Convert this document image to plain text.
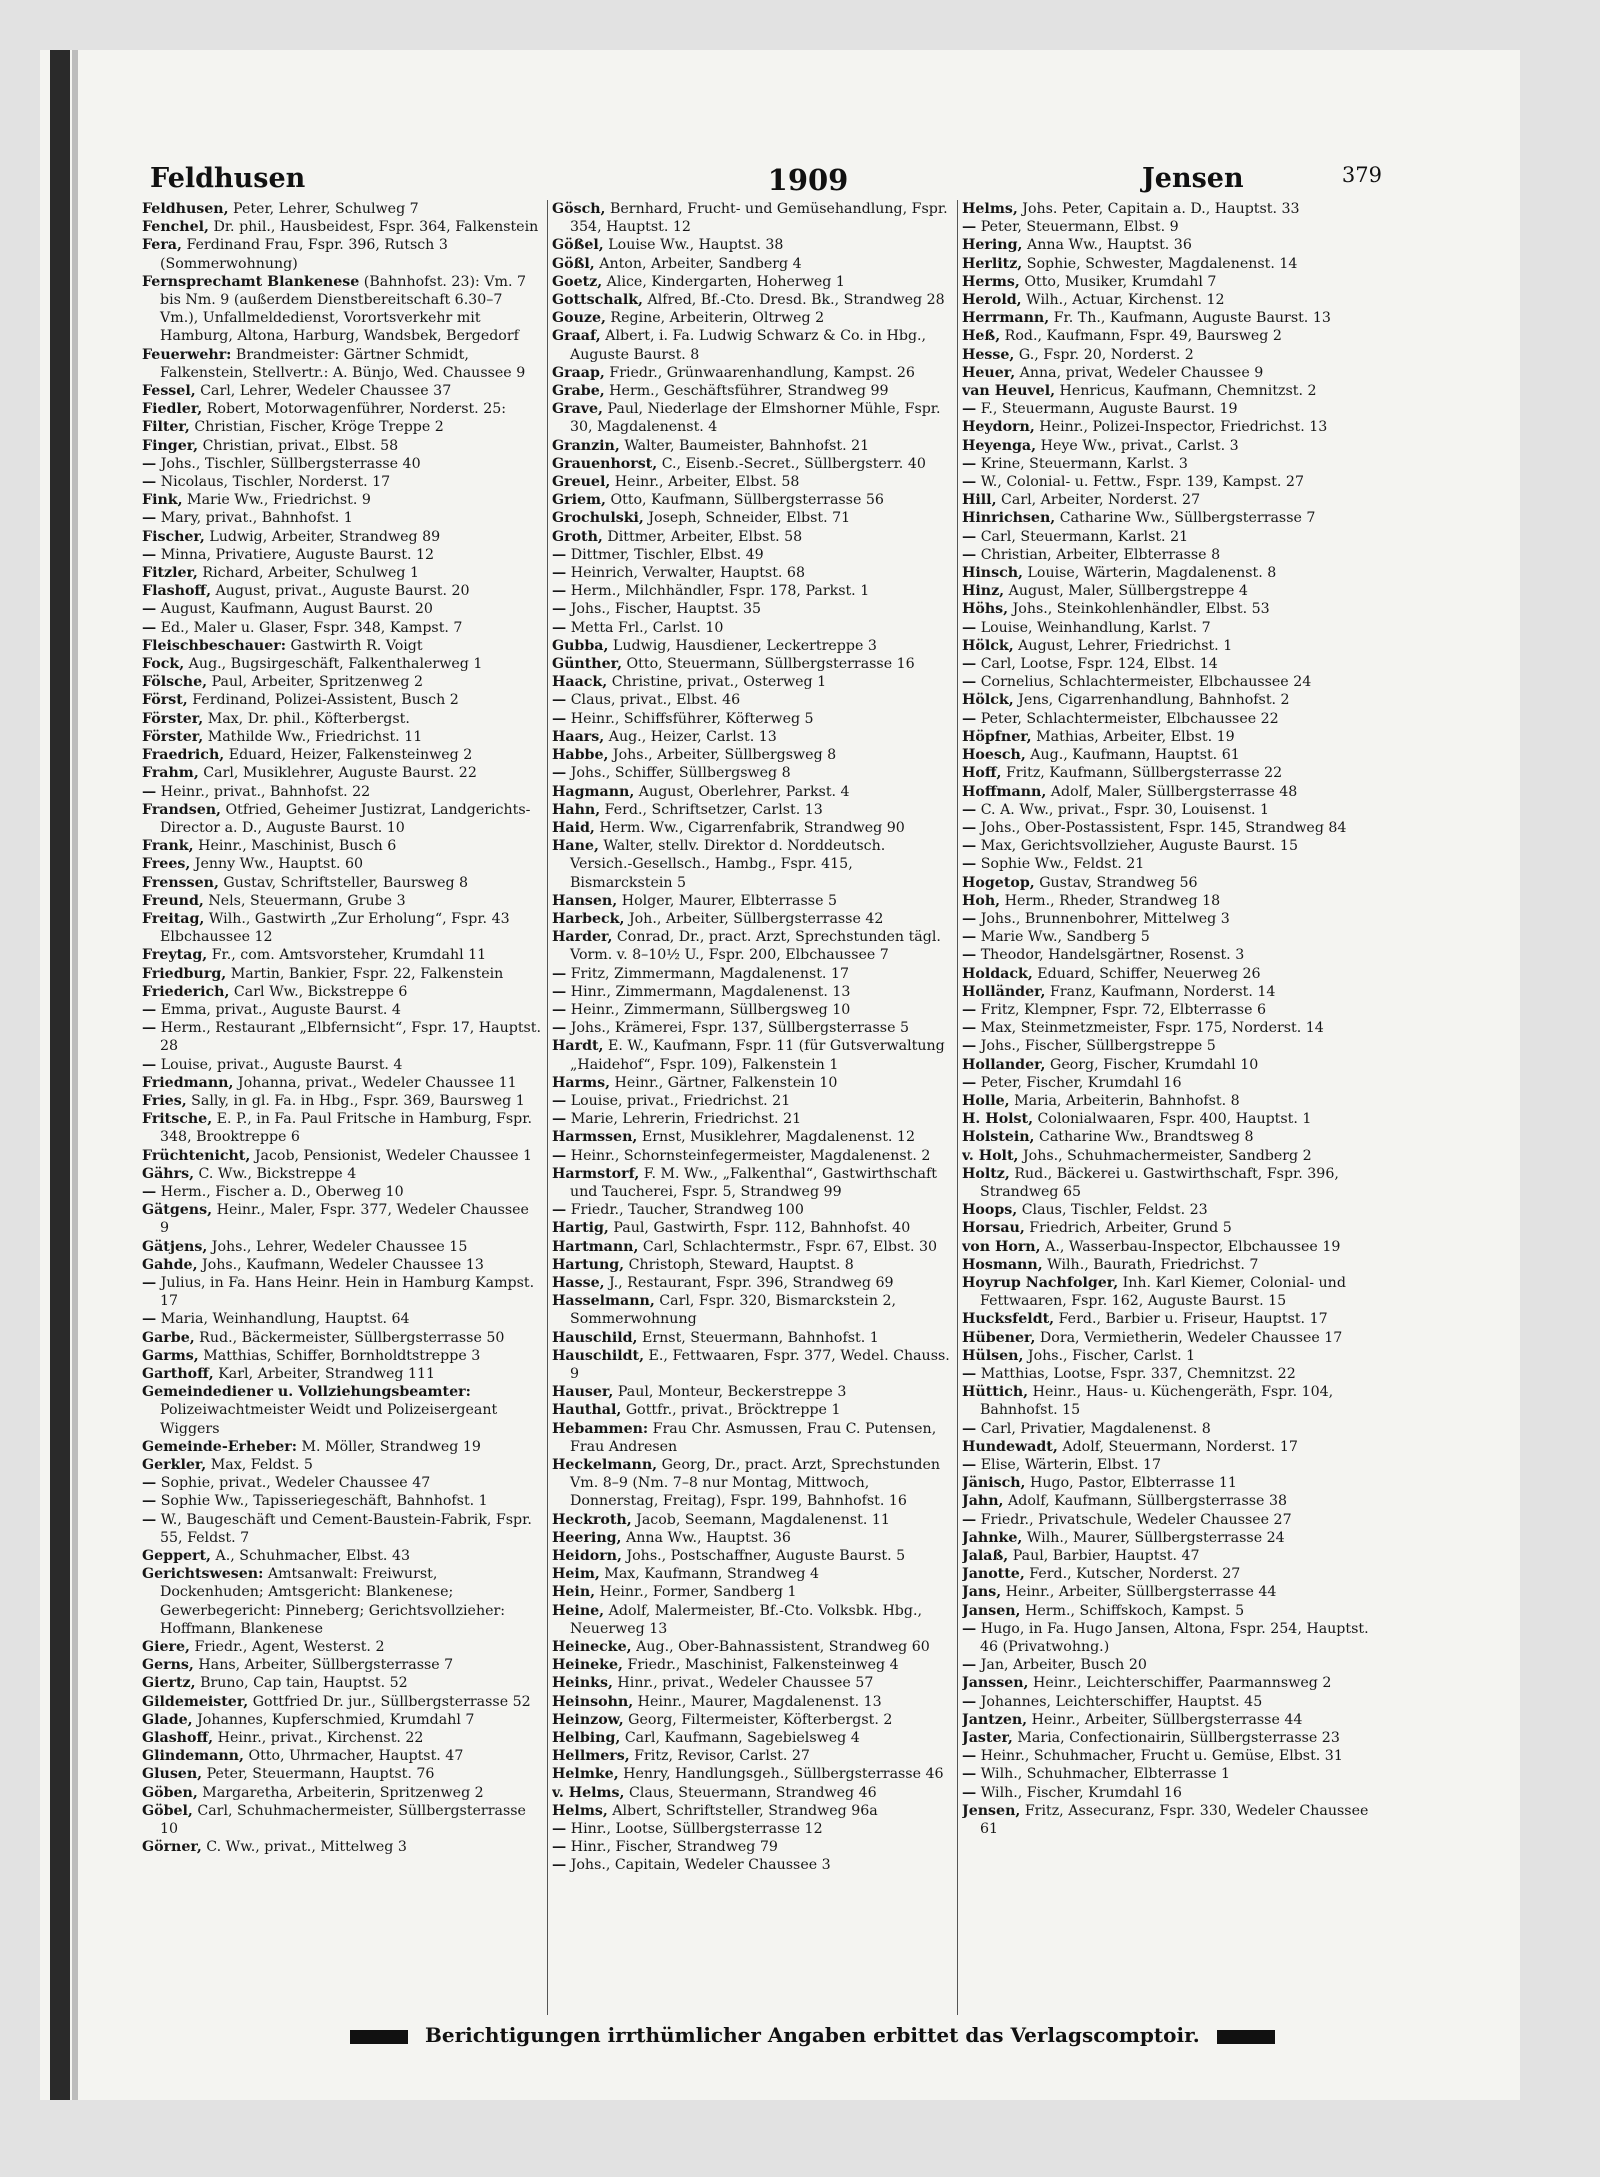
Feldhusen	1909	Jensen	379

Feldhusen, Peter, Lehrer, Schulweg 7

Fenchel, Dr. phil., Hausbeidest, Fspr. 364, Falkenstein

Fera, Ferdinand Frau, Fspr. 396, Rutsch 3 (Sommerwohnung)

Fernsprechamt Blankenese (Bahnhofst. 23): Vm. 7 bis Nm. 9 (außerdem Dienstbereitschaft 6.30–7 Vm.), Unfallmeldedienst, Vorortsverkehr mit Hamburg, Altona, Harburg, Wandsbek, Bergedorf

Feuerwehr: Brandmeister: Gärtner Schmidt, Falkenstein, Stellvertr.: A. Bünjo, Wed. Chaussee 9

Fessel, Carl, Lehrer, Wedeler Chaussee 37

Fiedler, Robert, Motorwagenführer, Norderst. 25:

Filter, Christian, Fischer, Kröge Treppe 2

Finger, Christian, privat., Elbst. 58

— Johs., Tischler, Süllbergsterrasse 40

— Nicolaus, Tischler, Norderst. 17

Fink, Marie Ww., Friedrichst. 9

— Mary, privat., Bahnhofst. 1

Fischer, Ludwig, Arbeiter, Strandweg 89

— Minna, Privatiere, Auguste Baurst. 12

Fitzler, Richard, Arbeiter, Schulweg 1

Flashoff, August, privat., Auguste Baurst. 20

— August, Kaufmann, August Baurst. 20

— Ed., Maler u. Glaser, Fspr. 348, Kampst. 7

Fleischbeschauer: Gastwirth R. Voigt

Fock, Aug., Bugsirgeschäft, Falkenthalerweg 1

Fölsche, Paul, Arbeiter, Spritzenweg 2

Först, Ferdinand, Polizei-Assistent, Busch 2

Förster, Max, Dr. phil., Köfterbergst.

Förster, Mathilde Ww., Friedrichst. 11

Fraedrich, Eduard, Heizer, Falkensteinweg 2

Frahm, Carl, Musiklehrer, Auguste Baurst. 22

— Heinr., privat., Bahnhofst. 22

Frandsen, Otfried, Geheimer Justizrat, Landgerichts-Director a. D., Auguste Baurst. 10

Frank, Heinr., Maschinist, Busch 6

Frees, Jenny Ww., Hauptst. 60

Frenssen, Gustav, Schriftsteller, Baursweg 8

Freund, Nels, Steuermann, Grube 3

Freitag, Wilh., Gastwirth „Zur Erholung“, Fspr. 43 Elbchaussee 12

Freytag, Fr., com. Amtsvorsteher, Krumdahl 11

Friedburg, Martin, Bankier, Fspr. 22, Falkenstein

Friederich, Carl Ww., Bickstreppe 6

— Emma, privat., Auguste Baurst. 4

— Herm., Restaurant „Elbfernsicht“, Fspr. 17, Hauptst. 28

— Louise, privat., Auguste Baurst. 4

Friedmann, Johanna, privat., Wedeler Chaussee 11

Fries, Sally, in gl. Fa. in Hbg., Fspr. 369, Baursweg 1

Fritsche, E. P., in Fa. Paul Fritsche in Hamburg, Fspr. 348, Brooktreppe 6

Früchtenicht, Jacob, Pensionist, Wedeler Chaussee 1

Gährs, C. Ww., Bickstreppe 4

— Herm., Fischer a. D., Oberweg 10

Gätgens, Heinr., Maler, Fspr. 377, Wedeler Chaussee 9

Gätjens, Johs., Lehrer, Wedeler Chaussee 15

Gahde, Johs., Kaufmann, Wedeler Chaussee 13

— Julius, in Fa. Hans Heinr. Hein in Hamburg Kampst. 17

— Maria, Weinhandlung, Hauptst. 64

Garbe, Rud., Bäckermeister, Süllbergsterrasse 50

Garms, Matthias, Schiffer, Bornholdtstreppe 3

Garthoff, Karl, Arbeiter, Strandweg 111

Gemeindediener u. Vollziehungsbeamter: Polizeiwachtmeister Weidt und Polizeisergeant Wiggers

Gemeinde-Erheber: M. Möller, Strandweg 19

Gerkler, Max, Feldst. 5

— Sophie, privat., Wedeler Chaussee 47

— Sophie Ww., Tapisseriegeschäft, Bahnhofst. 1

— W., Baugeschäft und Cement-Baustein-Fabrik, Fspr. 55, Feldst. 7

Geppert, A., Schuhmacher, Elbst. 43

Gerichtswesen: Amtsanwalt: Freiwurst, Dockenhuden; Amtsgericht: Blankenese; Gewerbegericht: Pinneberg; Gerichtsvollzieher: Hoffmann, Blankenese

Giere, Friedr., Agent, Westerst. 2

Gerns, Hans, Arbeiter, Süllbergsterrasse 7

Giertz, Bruno, Cap tain, Hauptst. 52

Gildemeister, Gottfried Dr. jur., Süllbergsterrasse 52

Glade, Johannes, Kupferschmied, Krumdahl 7

Glashoff, Heinr., privat., Kirchenst. 22

Glindemann, Otto, Uhrmacher, Hauptst. 47

Glusen, Peter, Steuermann, Hauptst. 76

Göben, Margaretha, Arbeiterin, Spritzenweg 2

Göbel, Carl, Schuhmachermeister, Süllbergsterrasse 10

Görner, C. Ww., privat., Mittelweg 3

Gösch, Bernhard, Frucht- und Gemüsehandlung, Fspr. 354, Hauptst. 12

Gößel, Louise Ww., Hauptst. 38

Gößl, Anton, Arbeiter, Sandberg 4

Goetz, Alice, Kindergarten, Hoherweg 1

Gottschalk, Alfred, Bf.-Cto. Dresd. Bk., Strandweg 28

Gouze, Regine, Arbeiterin, Oltrweg 2

Graaf, Albert, i. Fa. Ludwig Schwarz & Co. in Hbg., Auguste Baurst. 8

Graap, Friedr., Grünwaarenhandlung, Kampst. 26

Grabe, Herm., Geschäftsführer, Strandweg 99

Grave, Paul, Niederlage der Elmshorner Mühle, Fspr. 30, Magdalenenst. 4

Granzin, Walter, Baumeister, Bahnhofst. 21

Grauenhorst, C., Eisenb.-Secret., Süllbergsterr. 40

Greuel, Heinr., Arbeiter, Elbst. 58

Griem, Otto, Kaufmann, Süllbergsterrasse 56

Grochulski, Joseph, Schneider, Elbst. 71

Groth, Dittmer, Arbeiter, Elbst. 58

— Dittmer, Tischler, Elbst. 49

— Heinrich, Verwalter, Hauptst. 68

— Herm., Milchhändler, Fspr. 178, Parkst. 1

— Johs., Fischer, Hauptst. 35

— Metta Frl., Carlst. 10

Gubba, Ludwig, Hausdiener, Leckertreppe 3

Günther, Otto, Steuermann, Süllbergsterrasse 16

Haack, Christine, privat., Osterweg 1

— Claus, privat., Elbst. 46

— Heinr., Schiffsführer, Köfterweg 5

Haars, Aug., Heizer, Carlst. 13

Habbe, Johs., Arbeiter, Süllbergsweg 8

— Johs., Schiffer, Süllbergsweg 8

Hagmann, August, Oberlehrer, Parkst. 4

Hahn, Ferd., Schriftsetzer, Carlst. 13

Haid, Herm. Ww., Cigarrenfabrik, Strandweg 90

Hane, Walter, stellv. Direktor d. Norddeutsch. Versich.-Gesellsch., Hambg., Fspr. 415, Bismarckstein 5

Hansen, Holger, Maurer, Elbterrasse 5

Harbeck, Joh., Arbeiter, Süllbergsterrasse 42

Harder, Conrad, Dr., pract. Arzt, Sprechstunden tägl. Vorm. v. 8–10½ U., Fspr. 200, Elbchaussee 7

— Fritz, Zimmermann, Magdalenenst. 17

— Hinr., Zimmermann, Magdalenenst. 13

— Heinr., Zimmermann, Süllbergsweg 10

— Johs., Krämerei, Fspr. 137, Süllbergsterrasse 5

Hardt, E. W., Kaufmann, Fspr. 11 (für Gutsverwaltung „Haidehof“, Fspr. 109), Falkenstein 1

Harms, Heinr., Gärtner, Falkenstein 10

— Louise, privat., Friedrichst. 21

— Marie, Lehrerin, Friedrichst. 21

Harmssen, Ernst, Musiklehrer, Magdalenenst. 12

— Heinr., Schornsteinfegermeister, Magdalenenst. 2

Harmstorf, F. M. Ww., „Falkenthal“, Gastwirthschaft und Taucherei, Fspr. 5, Strandweg 99

— Friedr., Taucher, Strandweg 100

Hartig, Paul, Gastwirth, Fspr. 112, Bahnhofst. 40

Hartmann, Carl, Schlachtermstr., Fspr. 67, Elbst. 30

Hartung, Christoph, Steward, Hauptst. 8

Hasse, J., Restaurant, Fspr. 396, Strandweg 69

Hasselmann, Carl, Fspr. 320, Bismarckstein 2, Sommerwohnung

Hauschild, Ernst, Steuermann, Bahnhofst. 1

Hauschildt, E., Fettwaaren, Fspr. 377, Wedel. Chauss. 9

Hauser, Paul, Monteur, Beckerstreppe 3

Hauthal, Gottfr., privat., Bröcktreppe 1

Hebammen: Frau Chr. Asmussen, Frau C. Putensen, Frau Andresen

Heckelmann, Georg, Dr., pract. Arzt, Sprechstunden Vm. 8–9 (Nm. 7–8 nur Montag, Mittwoch, Donnerstag, Freitag), Fspr. 199, Bahnhofst. 16

Heckroth, Jacob, Seemann, Magdalenenst. 11

Heering, Anna Ww., Hauptst. 36

Heidorn, Johs., Postschaffner, Auguste Baurst. 5

Heim, Max, Kaufmann, Strandweg 4

Hein, Heinr., Former, Sandberg 1

Heine, Adolf, Malermeister, Bf.-Cto. Volksbk. Hbg., Neuerweg 13

Heinecke, Aug., Ober-Bahnassistent, Strandweg 60

Heineke, Friedr., Maschinist, Falkensteinweg 4

Heinks, Hinr., privat., Wedeler Chaussee 57

Heinsohn, Heinr., Maurer, Magdalenenst. 13

Heinzow, Georg, Filtermeister, Köfterbergst. 2

Helbing, Carl, Kaufmann, Sagebielsweg 4

Hellmers, Fritz, Revisor, Carlst. 27

Helmke, Henry, Handlungsgeh., Süllbergsterrasse 46

v. Helms, Claus, Steuermann, Strandweg 46

Helms, Albert, Schriftsteller, Strandweg 96a

— Hinr., Lootse, Süllbergsterrasse 12

— Hinr., Fischer, Strandweg 79

— Johs., Capitain, Wedeler Chaussee 3

Helms, Johs. Peter, Capitain a. D., Hauptst. 33

— Peter, Steuermann, Elbst. 9

Hering, Anna Ww., Hauptst. 36

Herlitz, Sophie, Schwester, Magdalenenst. 14

Herms, Otto, Musiker, Krumdahl 7

Herold, Wilh., Actuar, Kirchenst. 12

Herrmann, Fr. Th., Kaufmann, Auguste Baurst. 13

Heß, Rod., Kaufmann, Fspr. 49, Baursweg 2

Hesse, G., Fspr. 20, Norderst. 2

Heuer, Anna, privat, Wedeler Chaussee 9

van Heuvel, Henricus, Kaufmann, Chemnitzst. 2

— F., Steuermann, Auguste Baurst. 19

Heydorn, Heinr., Polizei-Inspector, Friedrichst. 13

Heyenga, Heye Ww., privat., Carlst. 3

— Krine, Steuermann, Karlst. 3

— W., Colonial- u. Fettw., Fspr. 139, Kampst. 27

Hill, Carl, Arbeiter, Norderst. 27

Hinrichsen, Catharine Ww., Süllbergsterrasse 7

— Carl, Steuermann, Karlst. 21

— Christian, Arbeiter, Elbterrasse 8

Hinsch, Louise, Wärterin, Magdalenenst. 8

Hinz, August, Maler, Süllbergstreppe 4

Höhs, Johs., Steinkohlenhändler, Elbst. 53

— Louise, Weinhandlung, Karlst. 7

Hölck, August, Lehrer, Friedrichst. 1

— Carl, Lootse, Fspr. 124, Elbst. 14

— Cornelius, Schlachtermeister, Elbchaussee 24

Hölck, Jens, Cigarrenhandlung, Bahnhofst. 2

— Peter, Schlachtermeister, Elbchaussee 22

Höpfner, Mathias, Arbeiter, Elbst. 19

Hoesch, Aug., Kaufmann, Hauptst. 61

Hoff, Fritz, Kaufmann, Süllbergsterrasse 22

Hoffmann, Adolf, Maler, Süllbergsterrasse 48

— C. A. Ww., privat., Fspr. 30, Louisenst. 1

— Johs., Ober-Postassistent, Fspr. 145, Strandweg 84

— Max, Gerichtsvollzieher, Auguste Baurst. 15

— Sophie Ww., Feldst. 21

Hogetop, Gustav, Strandweg 56

Hoh, Herm., Rheder, Strandweg 18

— Johs., Brunnenbohrer, Mittelweg 3

— Marie Ww., Sandberg 5

— Theodor, Handelsgärtner, Rosenst. 3

Holdack, Eduard, Schiffer, Neuerweg 26

Holländer, Franz, Kaufmann, Norderst. 14

— Fritz, Klempner, Fspr. 72, Elbterrasse 6

— Max, Steinmetzmeister, Fspr. 175, Norderst. 14

— Johs., Fischer, Süllbergstreppe 5

Hollander, Georg, Fischer, Krumdahl 10

— Peter, Fischer, Krumdahl 16

Holle, Maria, Arbeiterin, Bahnhofst. 8

H. Holst, Colonialwaaren, Fspr. 400, Hauptst. 1

Holstein, Catharine Ww., Brandtsweg 8

v. Holt, Johs., Schuhmachermeister, Sandberg 2

Holtz, Rud., Bäckerei u. Gastwirthschaft, Fspr. 396, Strandweg 65

Hoops, Claus, Tischler, Feldst. 23

Horsau, Friedrich, Arbeiter, Grund 5

von Horn, A., Wasserbau-Inspector, Elbchaussee 19

Hosmann, Wilh., Baurath, Friedrichst. 7

Hoyrup Nachfolger, Inh. Karl Kiemer, Colonial- und Fettwaaren, Fspr. 162, Auguste Baurst. 15

Hucksfeldt, Ferd., Barbier u. Friseur, Hauptst. 17

Hübener, Dora, Vermietherin, Wedeler Chaussee 17

Hülsen, Johs., Fischer, Carlst. 1

— Matthias, Lootse, Fspr. 337, Chemnitzst. 22

Hüttich, Heinr., Haus- u. Küchengeräth, Fspr. 104, Bahnhofst. 15

— Carl, Privatier, Magdalenenst. 8

Hundewadt, Adolf, Steuermann, Norderst. 17

— Elise, Wärterin, Elbst. 17

Jänisch, Hugo, Pastor, Elbterrasse 11

Jahn, Adolf, Kaufmann, Süllbergsterrasse 38

— Friedr., Privatschule, Wedeler Chaussee 27

Jahnke, Wilh., Maurer, Süllbergsterrasse 24

Jalaß, Paul, Barbier, Hauptst. 47

Janotte, Ferd., Kutscher, Norderst. 27

Jans, Heinr., Arbeiter, Süllbergsterrasse 44

Jansen, Herm., Schiffskoch, Kampst. 5

— Hugo, in Fa. Hugo Jansen, Altona, Fspr. 254, Hauptst. 46 (Privatwohng.)

— Jan, Arbeiter, Busch 20

Janssen, Heinr., Leichterschiffer, Paarmannsweg 2

— Johannes, Leichterschiffer, Hauptst. 45

Jantzen, Heinr., Arbeiter, Süllbergsterrasse 44

Jaster, Maria, Confectionairin, Süllbergsterrasse 23

— Heinr., Schuhmacher, Frucht u. Gemüse, Elbst. 31

— Wilh., Schuhmacher, Elbterrasse 1

— Wilh., Fischer, Krumdahl 16

Jensen, Fritz, Assecuranz, Fspr. 330, Wedeler Chaussee 61

Berichtigungen irrthümlicher Angaben erbittet das Verlagscomptoir.
